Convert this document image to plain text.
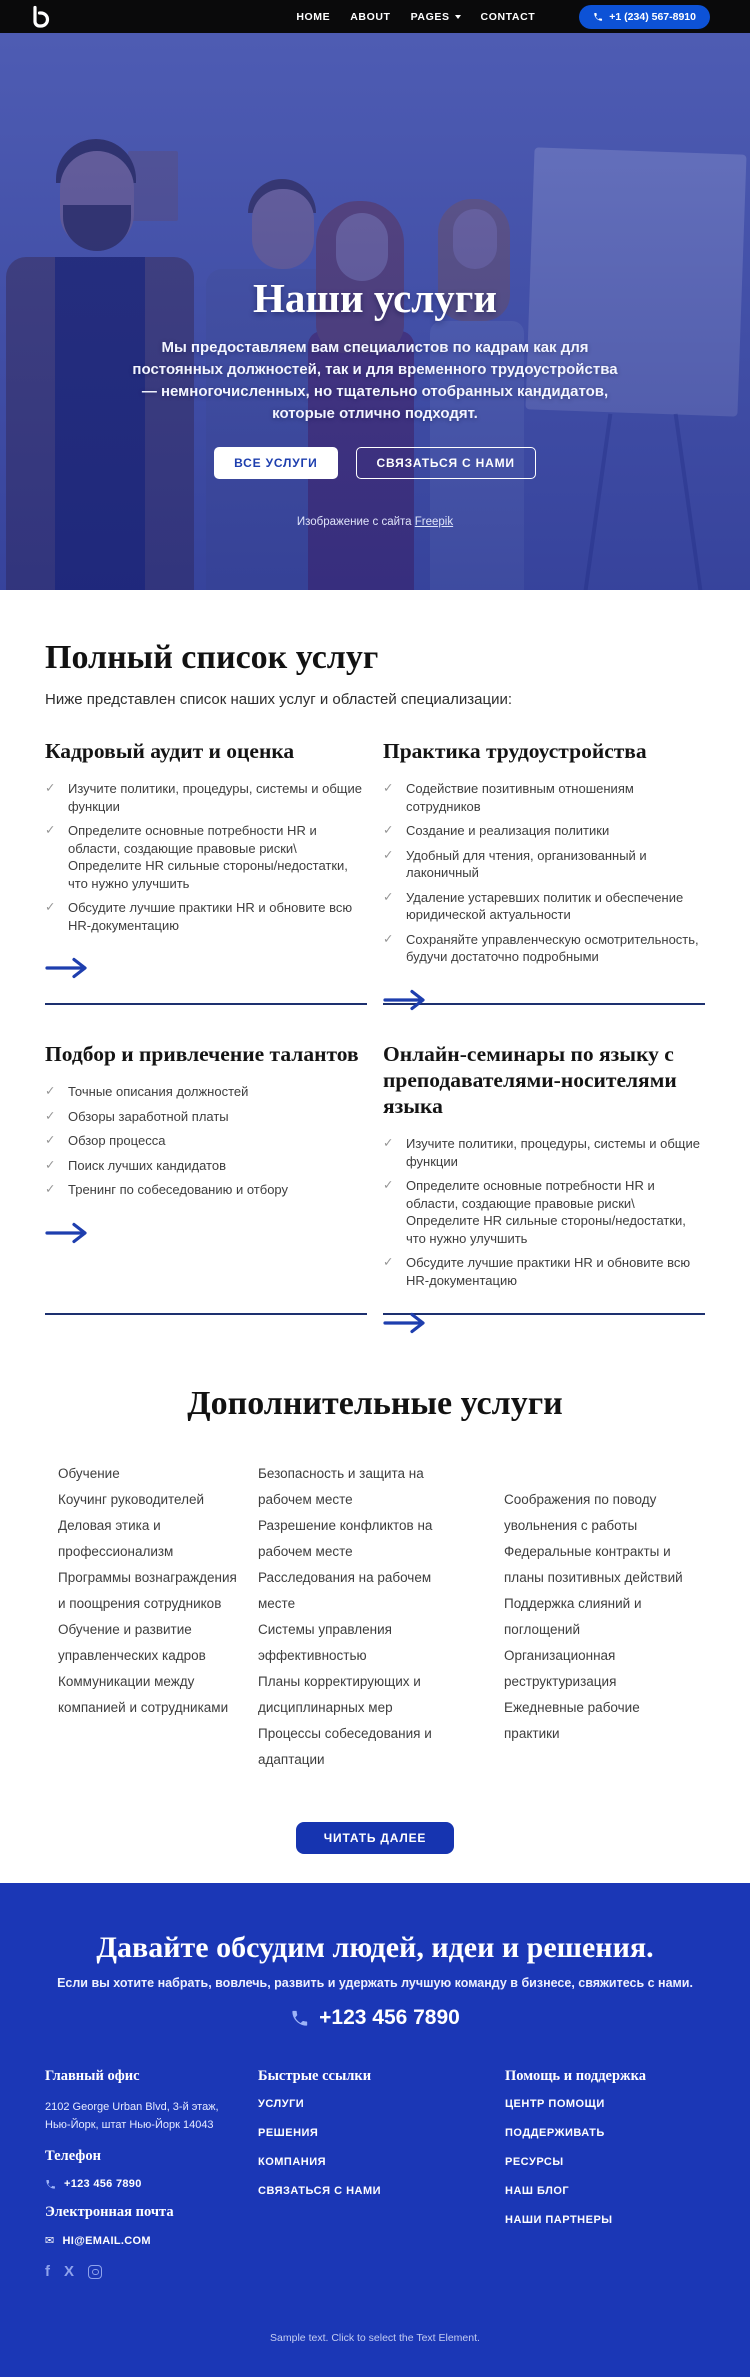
HOME ABOUT PAGES	CONTACT	+1 (234) 567-8910
Наши услуги

Мы предоставляем вам специалистов по кадрам как для постоянных должностей, так и для временного трудоустройства — немногочисленных, но тщательно отобранных кандидатов, которые отлично подходят.

ВСЕ УСЛУГИ	СВЯЗАТЬСЯ С НАМИ
Изображение с сайта Freepik
Полный список услуг

Ниже представлен список наших услуг и областей специализации:

Кадровый аудит и оценка
✓ Изучите политики, процедуры, системы и общие функции
✓ Определите основные потребности HR и области, создающие правовые риски\ Определите HR сильные стороны/недостатки, что нужно улучшить
✓ Обсудите лучшие практики HR и обновите всю HR-документацию
Практика трудоустройства
✓ Содействие позитивным отношениям сотрудников
✓ Создание и реализация политики
✓ Удобный для чтения, организованный и лаконичный
✓ Удаление устаревших политик и обеспечение юридической актуальности
✓ Сохраняйте управленческую осмотрительность, будучи достаточно подробными
Подбор и привлечение талантов
✓ Точные описания должностей
✓ Обзоры заработной платы
✓ Обзор процесса
✓ Поиск лучших кандидатов
✓ Тренинг по собеседованию и отбору
Онлайн-семинары по языку с преподавателями-носителями языка
✓ Изучите политики, процедуры, системы и общие функции
✓ Определите основные потребности HR и области, создающие правовые риски\ Определите HR сильные стороны/недостатки, что нужно улучшить
✓ Обсудите лучшие практики HR и обновите всю HR-документацию
Дополнительные услуги
Обучение
Коучинг руководителей
Деловая этика и профессионализм
Программы вознаграждения и поощрения сотрудников
Обучение и развитие управленческих кадров
Коммуникации между компанией и сотрудниками
Безопасность и защита на рабочем месте
Разрешение конфликтов на рабочем месте
Расследования на рабочем месте
Системы управления эффективностью
Планы корректирующих и дисциплинарных мер
Процессы собеседования и адаптации
Соображения по поводу увольнения с работы
Федеральные контракты и планы позитивных действий
Поддержка слияний и поглощений
Организационная реструктуризация
Ежедневные рабочие практики
ЧИТАТЬ ДАЛЕЕ
Давайте обсудим людей, идеи и решения.

Если вы хотите набрать, вовлечь, развить и удержать лучшую команду в бизнесе, свяжитесь с нами.

+123 456 7890
Главный офис
2102 George Urban Blvd, 3-й этаж,
Нью-Йорк, штат Нью-Йорк 14043
Телефон
+123 456 7890
Электронная почта
✉ HI@EMAIL.COM
Быстрые ссылки
УСЛУГИ
РЕШЕНИЯ
КОМПАНИЯ
СВЯЗАТЬСЯ С НАМИ
Помощь и поддержка
ЦЕНТР ПОМОЩИ
ПОДДЕРЖИВАТЬ
РЕСУРСЫ
НАШ БЛОГ
НАШИ ПАРТНЕРЫ
f X
Sample text. Click to select the Text Element.
